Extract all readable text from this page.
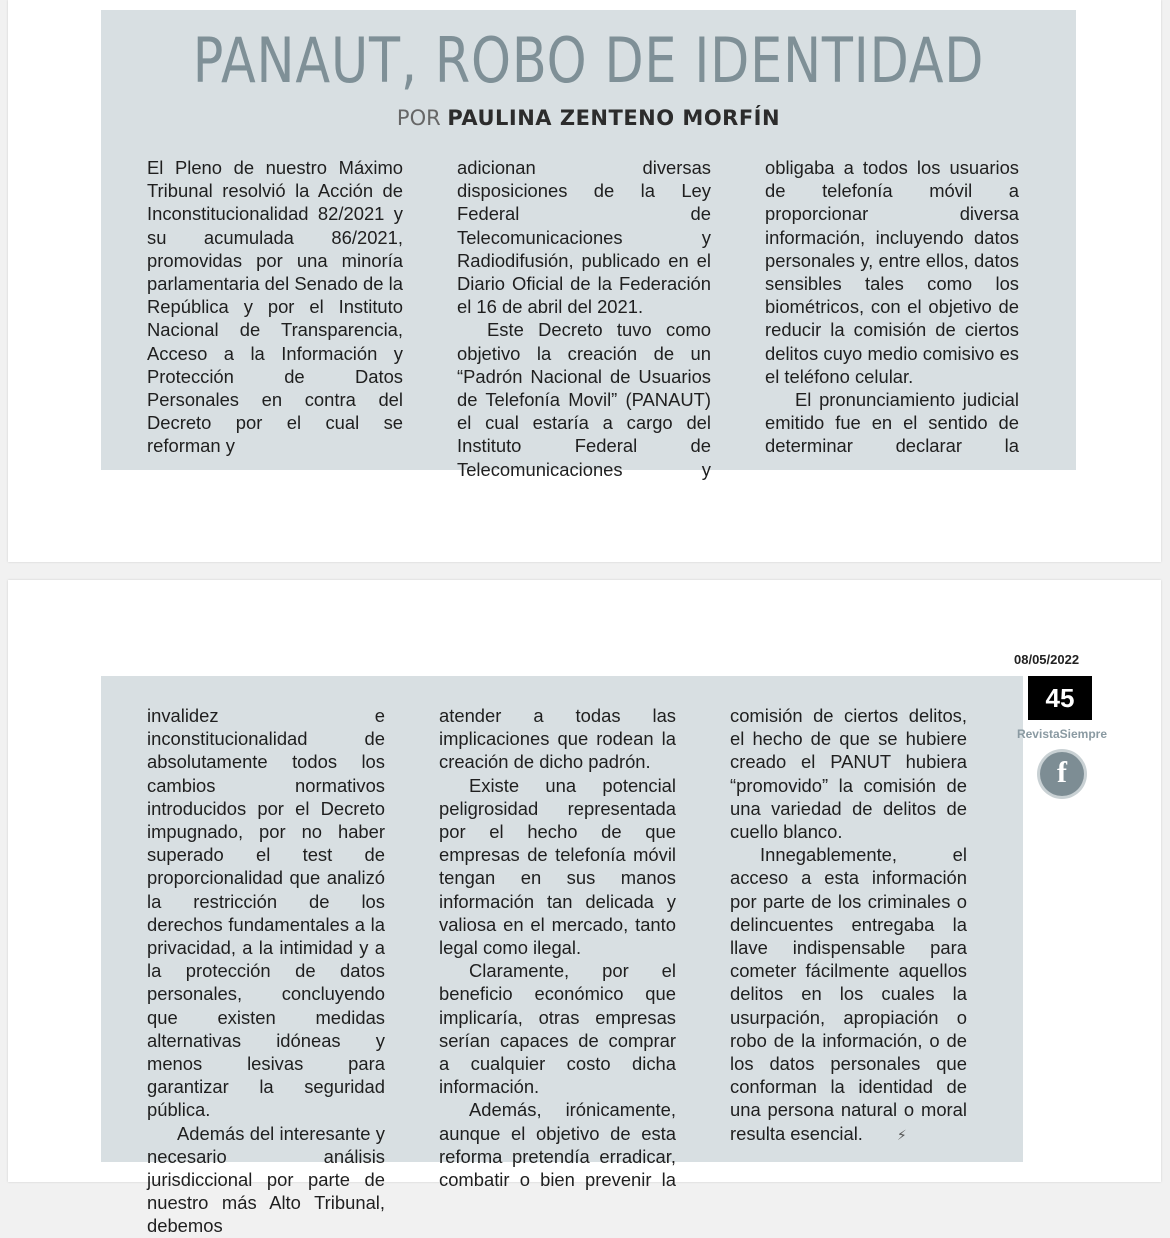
PANAUT, ROBO DE IDENTIDAD
POR PAULINA ZENTENO MORFÍN

El Pleno de nuestro Máximo Tribunal resolvió la Acción de Inconstitucionalidad 82/2021 y su acumulada 86/2021, promovidas por una minoría parlamentaria del Senado de la República y por el Instituto Nacional de Transparencia, Acceso a la Información y Protección de Datos Personales en contra del Decreto por el cual se reforman y

adicionan diversas disposiciones de la Ley Federal de Telecomunicaciones y Radiodifusión, publicado en el Diario Oficial de la Federación el 16 de abril del 2021.

Este Decreto tuvo como objetivo la creación de un “Padrón Nacional de Usuarios de Telefonía Movil” (PANAUT) el cual estaría a cargo del Instituto Federal de Telecomunicaciones y

obligaba a todos los usuarios de telefonía móvil a proporcionar diversa información, incluyendo datos personales y, entre ellos, datos sensibles tales como los biométricos, con el objetivo de reducir la comisión de ciertos delitos cuyo medio comisivo es el teléfono celular.

El pronunciamiento judicial emitido fue en el sentido de determinar declarar la

invalidez e inconstitucionalidad de absolutamente todos los cambios normativos introducidos por el Decreto impugnado, por no haber superado el test de proporcionalidad que analizó la restricción de los derechos fundamentales a la privacidad, a la intimidad y a la protección de datos personales, concluyendo que existen medidas alternativas idóneas y menos lesivas para garantizar la seguridad pública.

Además del interesante y necesario análisis jurisdiccional por parte de nuestro más Alto Tribunal, debemos

atender a todas las implicaciones que rodean la creación de dicho padrón.

Existe una potencial peligrosidad representada por el hecho de que empresas de telefonía móvil tengan en sus manos información tan delicada y valiosa en el mercado, tanto legal como ilegal.

Claramente, por el beneficio económico que implicaría, otras empresas serían capaces de comprar a cualquier costo dicha información.

Además, irónicamente, aunque el objetivo de esta reforma pretendía erradicar, combatir o bien prevenir la

comisión de ciertos delitos, el hecho de que se hubiere creado el PANUT hubiera “promovido” la comisión de una variedad de delitos de cuello blanco.

Innegablemente, el acceso a esta información por parte de los criminales o delincuentes entregaba la llave indispensable para cometer fácilmente aquellos delitos en los cuales la usurpación, apropiación o robo de la información, o de los datos personales que conforman la identidad de una persona natural o moral resulta esencial. ⚡

08/05/2022
45
RevistaSiempre
f
